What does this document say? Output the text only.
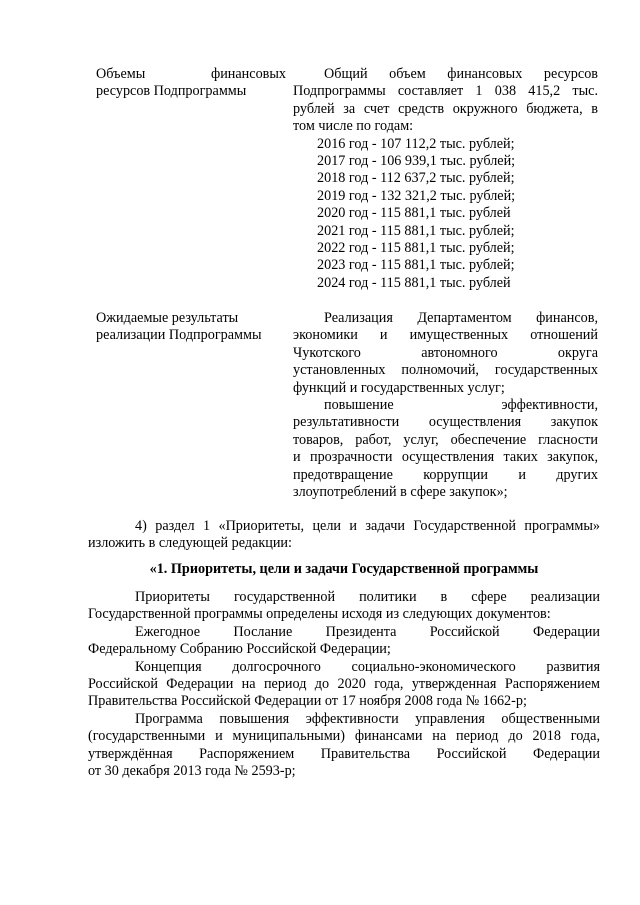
Объемы финансовых
ресурсов Подпрограммы
Общий объем финансовых ресурсов
Подпрограммы составляет 1 038 415,2 тыс.
рублей за счет средств окружного бюджета, в
том числе по годам:
2016 год - 107 112,2 тыс. рублей;
2017 год - 106 939,1 тыс. рублей;
2018 год - 112 637,2 тыс. рублей;
2019 год - 132 321,2 тыс. рублей;
2020 год - 115 881,1 тыс. рублей
2021 год - 115 881,1 тыс. рублей;
2022 год - 115 881,1 тыс. рублей;
2023 год - 115 881,1 тыс. рублей;
2024 год - 115 881,1 тыс. рублей
Ожидаемые результаты
реализации Подпрограммы
Реализация Департаментом финансов,
экономики и имущественных отношений
Чукотского автономного округа
установленных полномочий, государственных
функций и государственных услуг;
повышение эффективности,
результативности осуществления закупок
товаров, работ, услуг, обеспечение гласности
и прозрачности осуществления таких закупок,
предотвращение коррупции и других
злоупотреблений в сфере закупок»;
4) раздел 1 «Приоритеты, цели и задачи Государственной программы»
изложить в следующей редакции:
«1. Приоритеты, цели и задачи Государственной программы
Приоритеты государственной политики в сфере реализации
Государственной программы определены исходя из следующих документов:
Ежегодное Послание Президента Российской Федерации
Федеральному Собранию Российской Федерации;
Концепция долгосрочного социально-экономического развития
Российской Федерации на период до 2020 года, утвержденная Распоряжением
Правительства Российской Федерации от 17 ноября 2008 года № 1662-р;
Программа повышения эффективности управления общественными
(государственными и муниципальными) финансами на период до 2018 года,
утверждённая Распоряжением Правительства Российской Федерации
от 30 декабря 2013 года № 2593-р;
